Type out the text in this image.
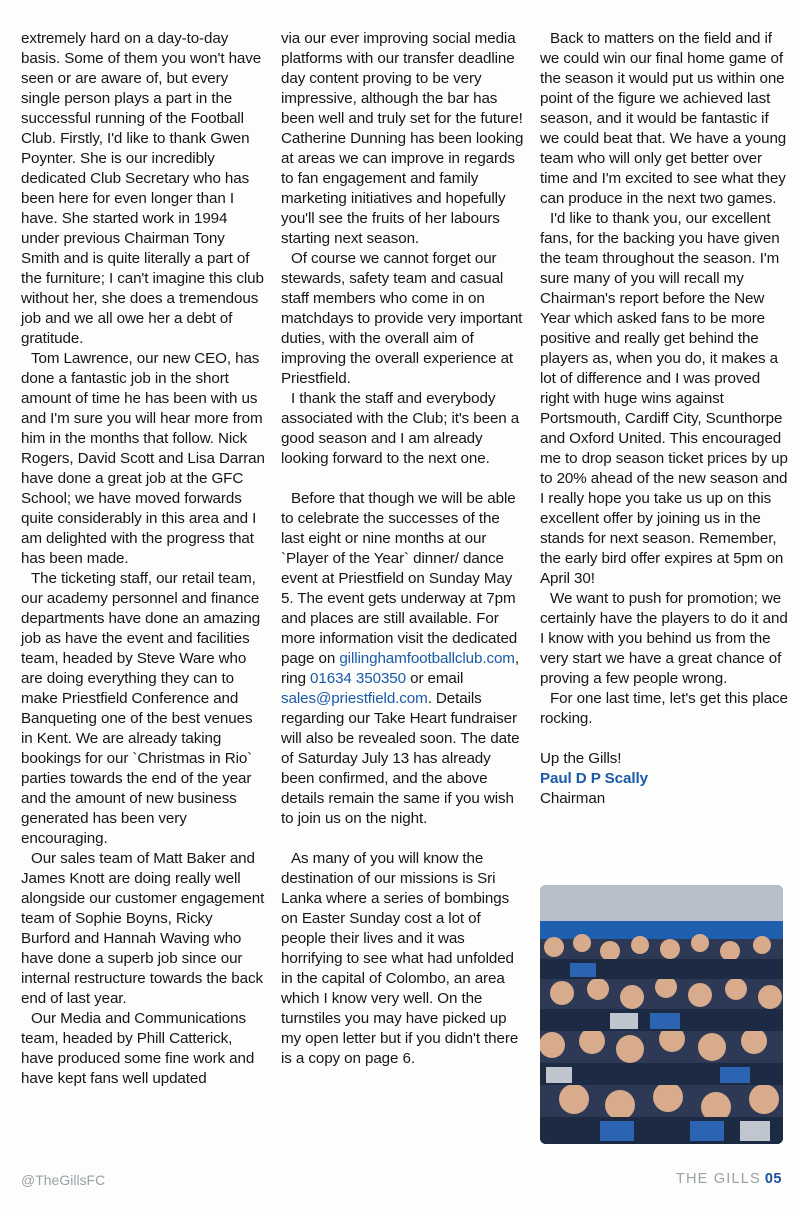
extremely hard on a day-to-day basis. Some of them you won't have seen or are aware of, but every single person plays a part in the successful running of the Football Club. Firstly, I'd like to thank Gwen Poynter. She is our incredibly dedicated Club Secretary who has been here for even longer than I have. She started work in 1994 under previous Chairman Tony Smith and is quite literally a part of the furniture; I can't imagine this club without her, she does a tremendous job and we all owe her a debt of gratitude.

Tom Lawrence, our new CEO, has done a fantastic job in the short amount of time he has been with us and I'm sure you will hear more from him in the months that follow. Nick Rogers, David Scott and Lisa Darran have done a great job at the GFC School; we have moved forwards quite considerably in this area and I am delighted with the progress that has been made.

The ticketing staff, our retail team, our academy personnel and finance departments have done an amazing job as have the event and facilities team, headed by Steve Ware who are doing everything they can to make Priestfield Conference and Banqueting one of the best venues in Kent. We are already taking bookings for our `Christmas in Rio` parties towards the end of the year and the amount of new business generated has been very encouraging.

Our sales team of Matt Baker and James Knott are doing really well alongside our customer engagement team of Sophie Boyns, Ricky Burford and Hannah Waving who have done a superb job since our internal restructure towards the back end of last year.

Our Media and Communications team, headed by Phill Catterick, have produced some fine work and have kept fans well updated

via our ever improving social media platforms with our transfer deadline day content proving to be very impressive, although the bar has been well and truly set for the future! Catherine Dunning has been looking at areas we can improve in regards to fan engagement and family marketing initiatives and hopefully you'll see the fruits of her labours starting next season.

Of course we cannot forget our stewards, safety team and casual staff members who come in on matchdays to provide very important duties, with the overall aim of improving the overall experience at Priestfield.

I thank the staff and everybody associated with the Club; it's been a good season and I am already looking forward to the next one.

Before that though we will be able to celebrate the successes of the last eight or nine months at our `Player of the Year` dinner/ dance event at Priestfield on Sunday May 5. The event gets underway at 7pm and places are still available. For more information visit the dedicated page on gillinghamfootballclub.com, ring 01634 350350 or email sales@priestfield.com. Details regarding our Take Heart fundraiser will also be revealed soon. The date of Saturday July 13 has already been confirmed, and the above details remain the same if you wish to join us on the night.

As many of you will know the destination of our missions is Sri Lanka where a series of bombings on Easter Sunday cost a lot of people their lives and it was horrifying to see what had unfolded in the capital of Colombo, an area which I know very well. On the turnstiles you may have picked up my open letter but if you didn't there is a copy on page 6.

Back to matters on the field and if we could win our final home game of the season it would put us within one point of the figure we achieved last season, and it would be fantastic if we could beat that. We have a young team who will only get better over time and I'm excited to see what they can produce in the next two games.

I'd like to thank you, our excellent fans, for the backing you have given the team throughout the season. I'm sure many of you will recall my Chairman's report before the New Year which asked fans to be more positive and really get behind the players as, when you do, it makes a lot of difference and I was proved right with huge wins against Portsmouth, Cardiff City, Scunthorpe and Oxford United. This encouraged me to drop season ticket prices by up to 20% ahead of the new season and I really hope you take us up on this excellent offer by joining us in the stands for next season. Remember, the early bird offer expires at 5pm on April 30!

We want to push for promotion; we certainly have the players to do it and I know with you behind us from the very start we have a great chance of proving a few people wrong.

For one last time, let's get this place rocking.

Up the Gills!

Paul D P Scally

Chairman

@TheGillsFC	THE GILLS 05
